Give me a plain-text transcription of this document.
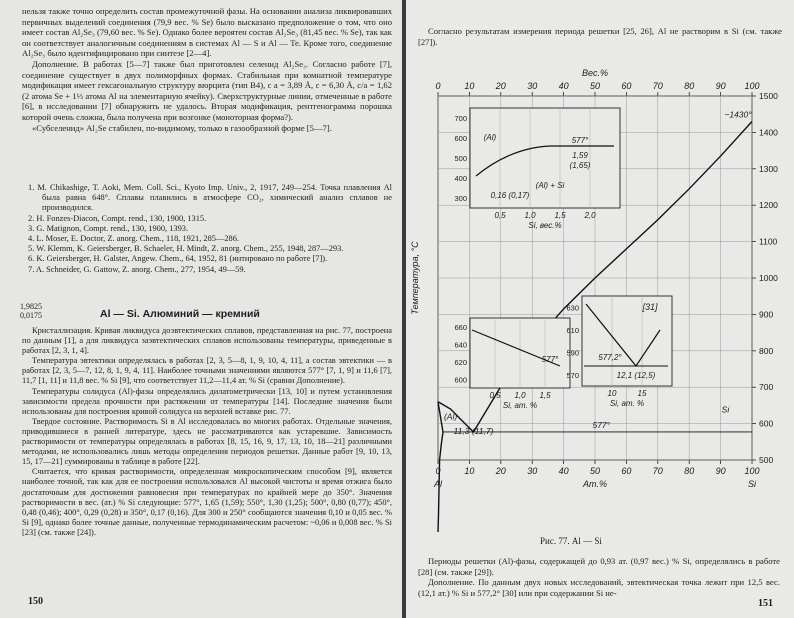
нельзя также точно определить состав промежуточной фазы. На основании анализа ликвировавших первичных выделений соединения (79,9 вес. % Se) было высказано предположение о том, что оно имеет состав Al₂Se₃ (79,60 вес. % Se). Однако более вероятен состав Al₂Se₃ (81,45 вес. % Se), так как он соответствует аналогичным соединениям в системах Al — S и Al — Te. Кроме того, соединение Al₂Se₃ было идентифицировано при синтезе [2—4].

Дополнение. В работах [5—7] также был приготовлен селенид Al₂Se₃. Согласно работе [7], соединение существует в двух полиморфных формах. Стабильная при комнатной температуре модификация имеет гексагональную структуру вюрцита (тип B4), с a = 3,89 Å, c = 6,30 Å, c/a = 1,62 (2 атома Se + 1⅓ атома Al на элементарную ячейку). Сверхструктурные линии, отмеченные в работе [6], в исследовании [7] обнаружить не удалось. Вторая модификация, рентгенограмма порошка которой очень сложна, была получена при возгонке (моноторная форма?).

«Субселенид» Al₂Se стабилен, по-видимому, только в газообразной форме [5—7].

1. M. Chikashige, T. Aoki, Mem. Coll. Sci., Kyoto Imp. Univ., 2, 1917, 249—254. Точка плавления Al была равна 648°. Сплавы плавились в атмосфере CO₂, химический анализ сплавов не производился.

2. H. Fonzes-Diacon, Compt. rend., 130, 1900, 1315.

3. G. Matignon, Compt. rend., 130, 1900, 1393.

4. L. Moser, E. Doctor, Z. anorg. Chem., 118, 1921, 285—286.

5. W. Klemm, K. Geiersberger, B. Schaeler, H. Mindt, Z. anorg. Chem., 255, 1948, 287—293.

6. K. Geiersberger, H. Galster, Angew. Chem., 64, 1952, 81 (интировано по работе [7]).

7. A. Schneider, G. Gattow, Z. anorg. Chem., 277, 1954, 49—59.

1,9825
0,0175	Al — Si. Алюминий — кремний

Кристаллизация. Кривая ликвидуса доэвтектических сплавов, представленная на рис. 77, построена по данным [1], а для ликвидуса заэвтектических сплавов использованы температуры, приведенные в работах [2, 3, 1, 4].

Температура эвтектики определялась в работах [2, 3, 5—8, 1, 9, 10, 4, 11], а состав эвтектики — в работах [2, 3, 5—7, 12, 8, 1, 9, 4, 11]. Наиболее точными значениями являются 577° [7, 1, 9] и 11,6 [7], 11,7 [1, 11] и 11,8 вес. % Si [9], что соответствует 11,2—11,4 ат. % Si (сравни Дополнение).

Температуры солидуса (Al)-фазы определялись дилатометрически [13, 10] и путем установления зависимости предела прочности при растяжении от температуры [14]. Последние значения были использованы для построения кривой солидуса на верхней вставке рис. 77.

Твердое состояние. Растворимость Si в Al исследовалась во многих работах. Отдельные значения, приводившиеся в ранней литературе, здесь не рассматриваются как устаревшие. Зависимость растворимости от температуры определялась в работах [8, 15, 16, 9, 17, 13, 10, 18—21] различными методами, не использовались лишь методы определения периодов решетки. Данные работ [9, 10, 13, 15, 17—21] суммированы в таблице в работе [22].

Считается, что кривая растворимости, определенная микроскопическим способом [9], является наиболее точной, так как для ее построения использовался Al высокой чистоты и время отжига было достаточным для достижения равновесия при температурах по крайней мере до 350°. Значения растворимости в вес. (ат.) % Si следующие: 577°, 1,65 (1,59); 550°, 1,30 (1,25); 500°, 0,80 (0,77); 450°, 0,48 (0,46); 400°, 0,29 (0,28) и 350°, 0,17 (0,16). Для 300 и 250° сообщаются значения 0,10 и 0,05 вес. % Si [9], однако более точные данные, полученные термодинамическим расчетом: ~0,06 и 0,008 вес. % Si [23] (см. также [24]).

150

Согласно результатам измерения периода решетки [25, 26], Al не растворим в Si (см. также [27]).

151
500
600
700
800
900
1000
1100
1200
1300
1400
1500
0	10 20 30 40 50 60 70 80 90 100
Al	Si
Ат.%
0	10 20 30 40 50 60 70 80 90 100
Вес.%
Температура, °C
~1430°
577°
(Al)
Si
11,3 (11,7)
0,5 1,0 1,5 2,0
700
600
500
400
300
Si, вес.%
577°
1,59
(1,65)
0,16 (0,17)
(Al)
(Al) + Si
0,5 1,0 1,5
660
640
620
600
Si, ат. %
577°
10	15
630
610
590
570
Si, ат. %
[31]
577,2°
12,1 (12,5)
Рис. 77. Al — Si

Периоды решетки (Al)-фазы, содержащей до 0,93 ат. (0,97 вес.) % Si, определялись в работе [28] (см. также [29]).

Дополнение. По данным двух новых исследований, эвтектическая точка лежит при 12,5 вес. (12,1 ат.) % Si и 577,2° [30] или при содержании Si не-
